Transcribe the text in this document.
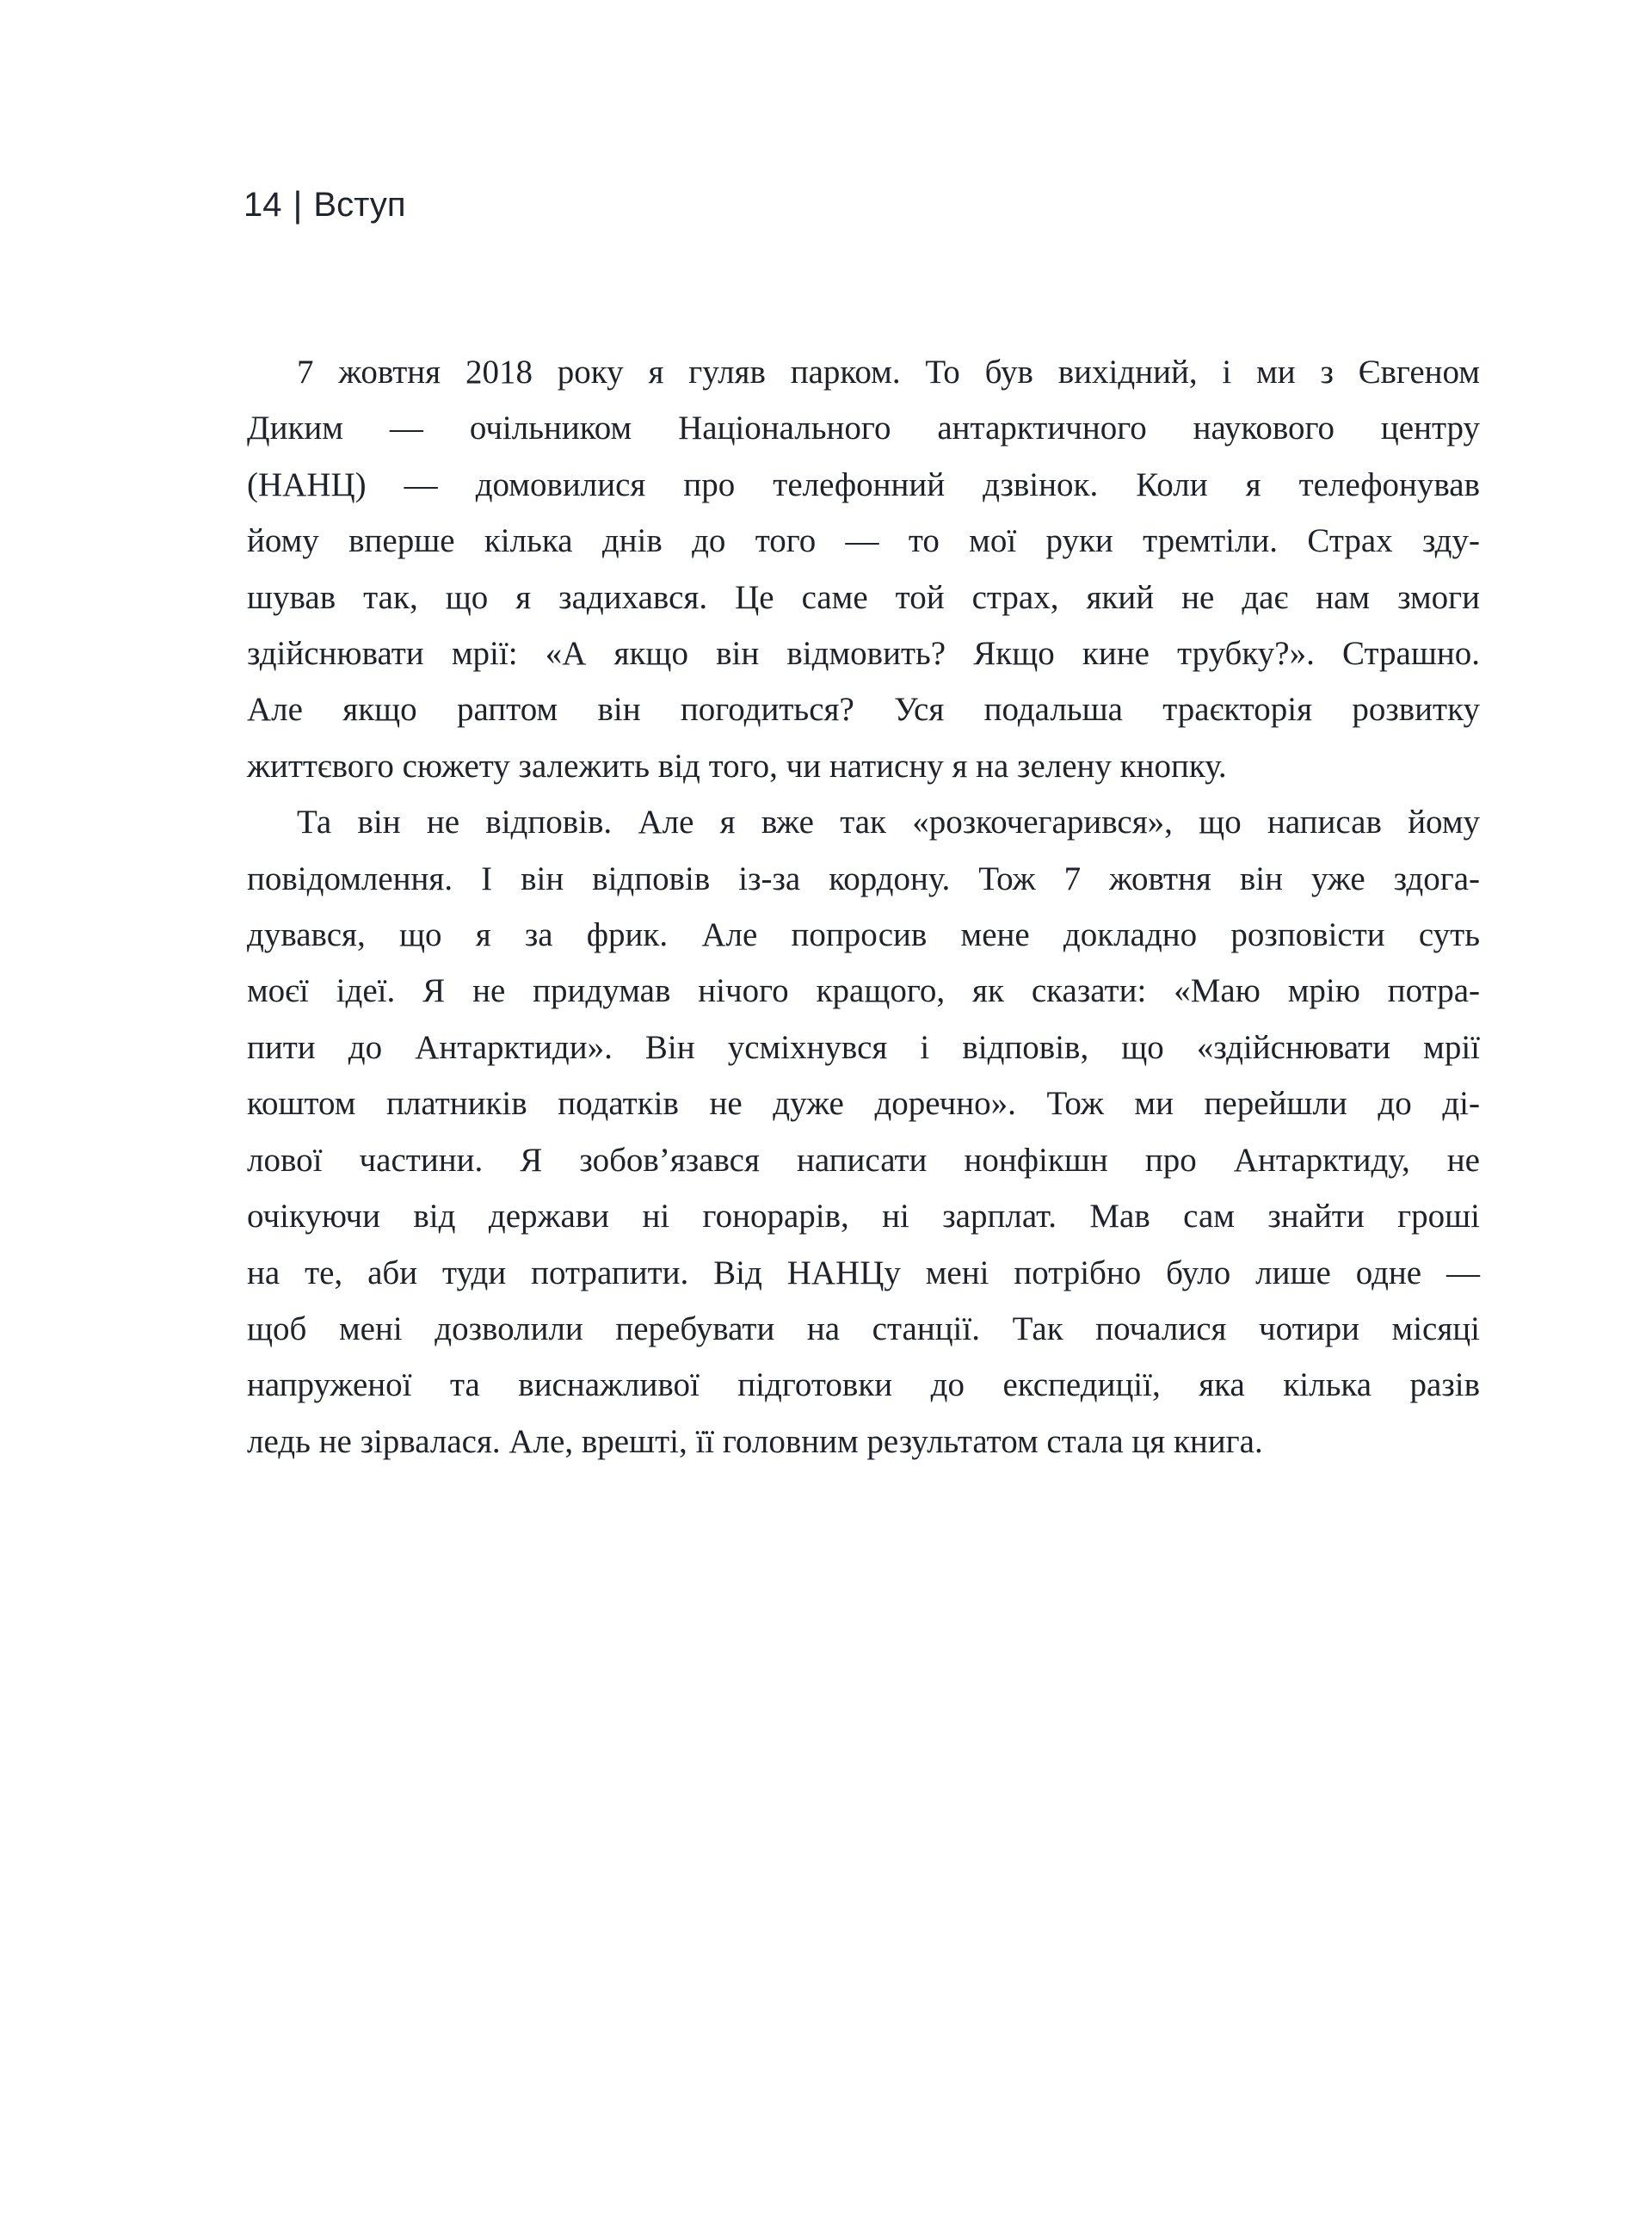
14 | Вступ
7 жовтня 2018 року я гуляв парком. То був вихідний, і ми з Євгеном
Диким — очільником Національного антарктичного наукового центру
(НАНЦ) — домовилися про телефонний дзвінок. Коли я телефонував
йому вперше кілька днів до того — то мої руки тремтіли. Страх зду-
шував так, що я задихався. Це саме той страх, який не дає нам змоги
здійснювати мрії: «А якщо він відмовить? Якщо кине трубку?». Страшно.
Але якщо раптом він погодиться? Уся подальша траєкторія розвитку
життєвого сюжету залежить від того, чи натисну я на зелену кнопку.
Та він не відповів. Але я вже так «розкочегарився», що написав йому
повідомлення. І він відповів із-за кордону. Тож 7 жовтня він уже здога-
дувався, що я за фрик. Але попросив мене докладно розповісти суть
моєї ідеї. Я не придумав нічого кращого, як сказати: «Маю мрію потра-
пити до Антарктиди». Він усміхнувся і відповів, що «здійснювати мрії
коштом платників податків не дуже доречно». Тож ми перейшли до ді-
лової частини. Я зобов’язався написати нонфікшн про Антарктиду, не
очікуючи від держави ні гонорарів, ні зарплат. Мав сам знайти гроші
на те, аби туди потрапити. Від НАНЦу мені потрібно було лише одне —
щоб мені дозволили перебувати на станції. Так почалися чотири місяці
напруженої та виснажливої підготовки до експедиції, яка кілька разів
ледь не зірвалася. Але, врешті, її головним результатом стала ця книга.
